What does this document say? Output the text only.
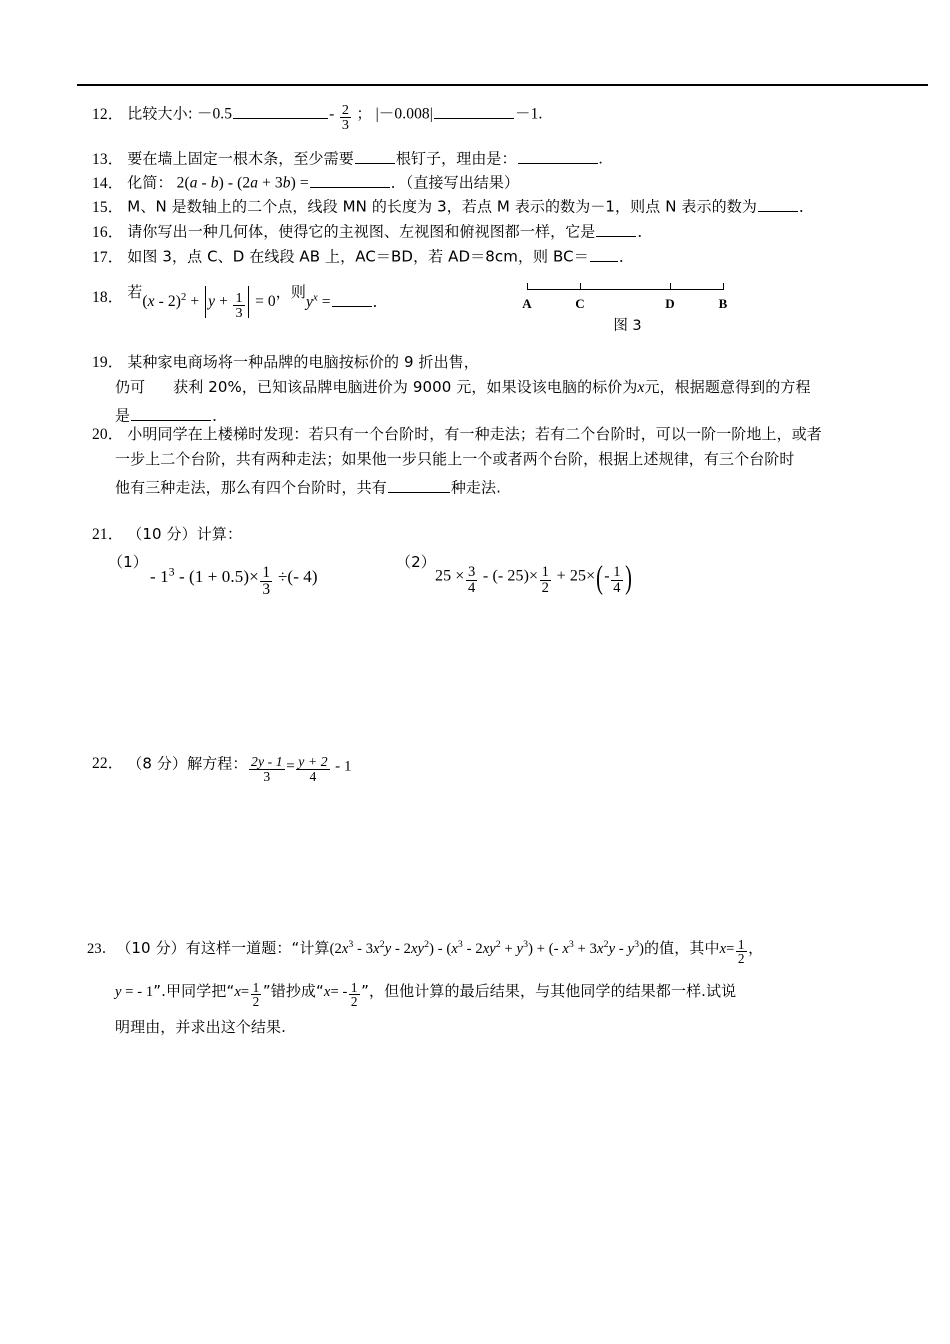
12． 比较大小: －0.5	- $\frac{2}{3}$ ； |－0.008|	－1.
13． 要在墙上固定一根木条，至少需要	根钉子，理由是：	.
14． 化简： 2(a - b) - (2a + 3b) =	．（直接写出结果）
15． M、N 是数轴上的二个点，线段 MN 的长度为 3，若点 M 表示的数为－1，则点 N 表示的数为	．
16． 请你写出一种几何体，使得它的主视图、左视图和俯视图都一样，它是	．
17． 如图 3，点 C、D 在线段 AB 上，AC＝BD，若 AD＝8cm，则 BC＝ ．
18． 若$(x - 2)^2 + y + \frac{1}{3} = 0$，则$y^x$ =	．	A	C	D	B
图 3
19． 某种家电商场将一种品牌的电脑按标价的 9 折出售，
仍可 获利 20%，已知该品牌电脑进价为 9000 元，如果设该电脑的标价为x元，根据题意得到的方程
是	．
20． 小明同学在上楼梯时发现：若只有一个台阶时，有一种走法；若有二个台阶时，可以一阶一阶地上，或者
一步上二个台阶，共有两种走法；如果他一步只能上一个或者两个台阶，根据上述规律，有三个台阶时
他有三种走法，那么有四个台阶时，共有	种走法.
21． （10 分）计算：
（1）
- $1^3 - (1 + 0.5)\times \frac{1}{3}$ ÷(- 4)
（2）
$25 \times \frac{3}{4}$ - (- $25)\times \frac{1}{2} + 25\times(- \frac{1}{4}$ )
22． （8 分）解方程： $\frac{2y - 1}{3} = \frac{y + 2}{4} - 1$
23．（10 分）有这样一道题：“计算$(2x^3 - 3x^2y - 2xy^2) - (x^3 - 2xy^2 + y^3)$ + (- $x^3 + 3x^2y - y^3$)的值，其中$x= \frac{1}{2}$ ，
y = - 1”.甲同学把“$x= \frac{1}{2}$ ”错抄成“$x= - \frac{1}{2}$ ”，但他计算的最后结果，与其他同学的结果都一样.试说
明理由，并求出这个结果.
